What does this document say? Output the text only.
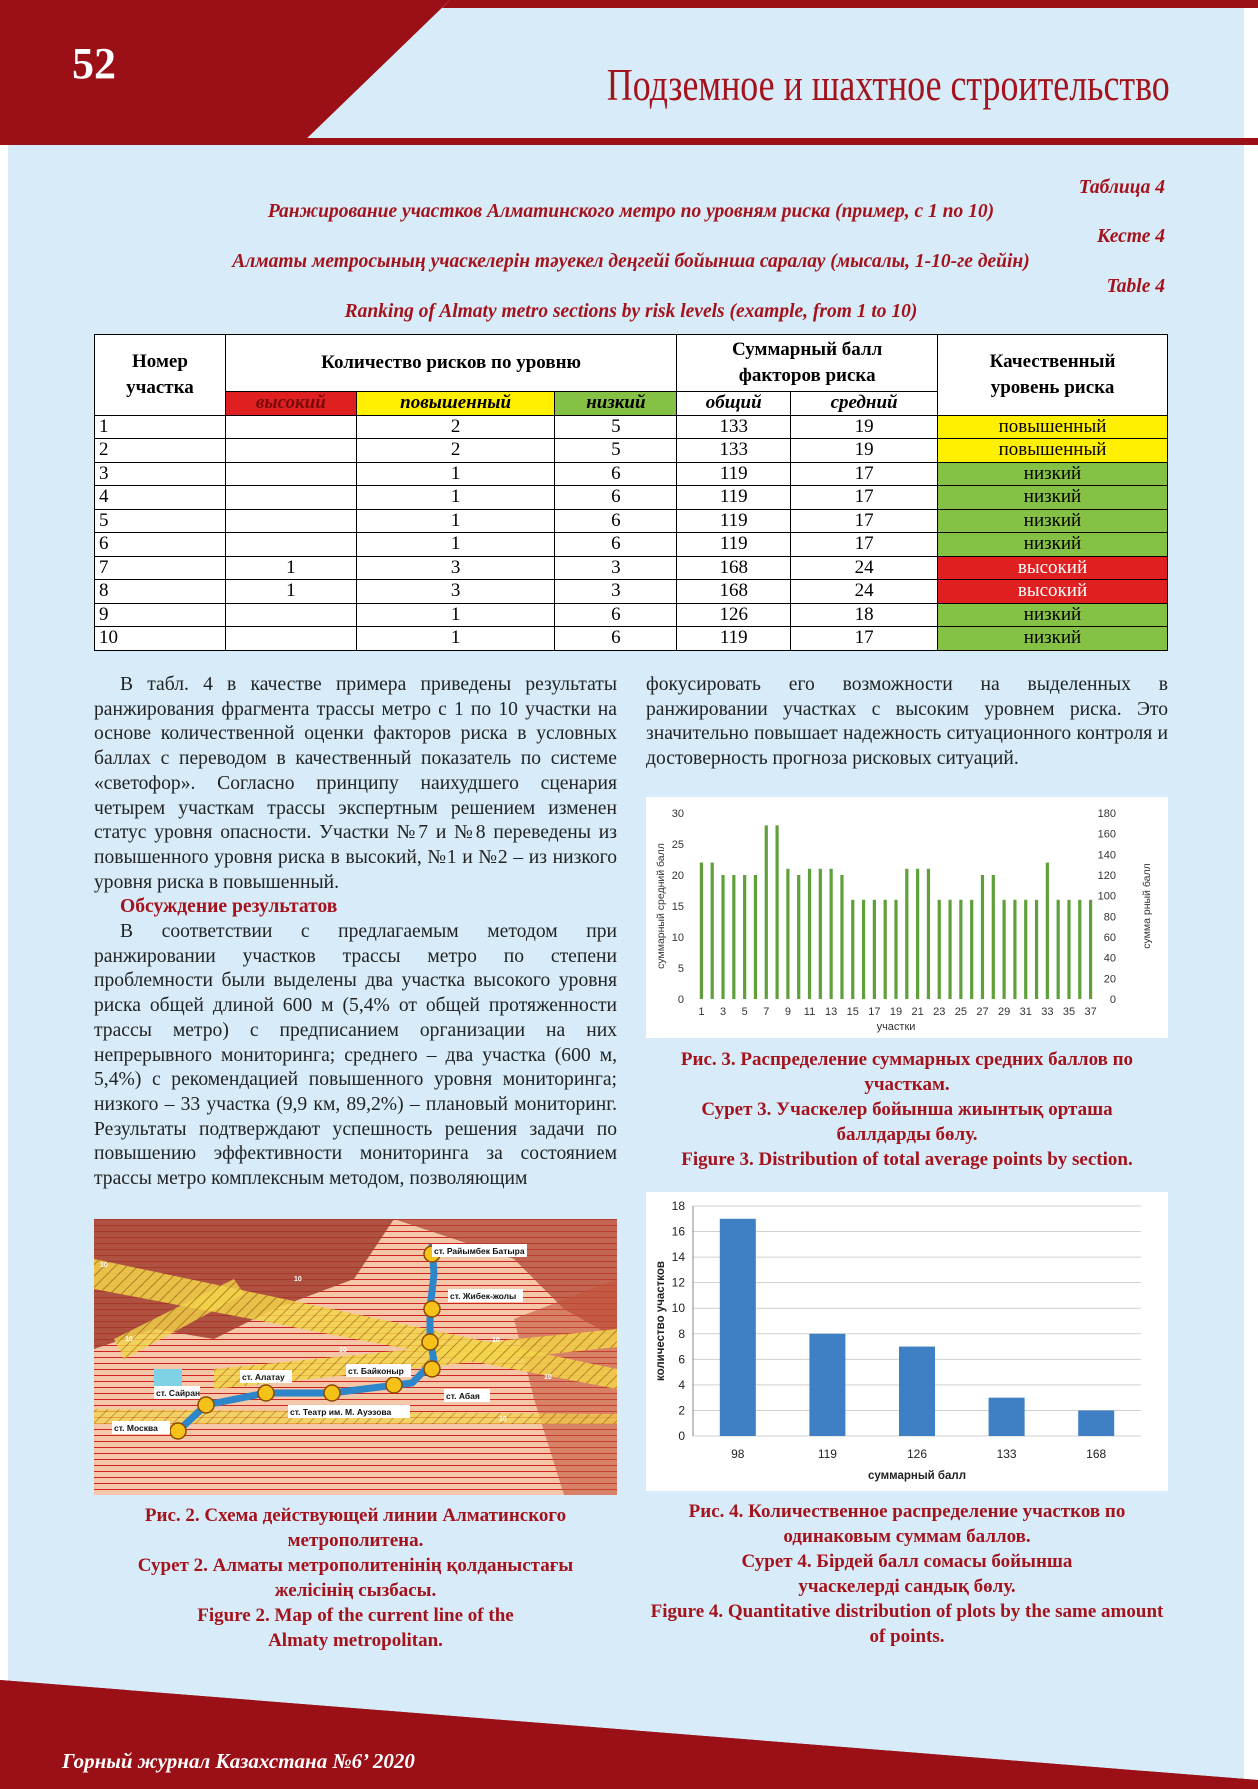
52	Подземное и шахтное строительство
Таблица 4
Ранжирование участков Алматинского метро по уровням риска (пример, с 1 по 10)
Кесте 4
Алматы метросының учаскелерін тәуекел деңгейі бойынша саралау (мысалы, 1-10-ге дейін)
Table 4
Ranking of Almaty metro sections by risk levels (example, from 1 to 10)
Номер участка	Количество рисков по уровню			Суммарный балл факторов риска		Качественный уровень риска
	высокий	повышенный	низкий	общий	средний	
1		2	5	133	19	повышенный
2		2	5	133	19	повышенный
3		1	6	119	17	низкий
4		1	6	119	17	низкий
5		1	6	119	17	низкий
6		1	6	119	17	низкий
7	1	3	3	168	24	высокий
8	1	3	3	168	24	высокий
9		1	6	126	18	низкий
10		1	6	119	17	низкий

В табл. 4 в качестве примера приведены результаты ранжирования фрагмента трассы метро с 1 по 10 участки на основе количественной оценки факторов риска в условных баллах с переводом в качественный показатель по системе «светофор». Согласно принципу наихудшего сценария четырем участкам трассы экспертным решением изменен статус уровня опасности. Участки №7 и №8 переведены из повышенного уровня риска в высокий, №1 и №2 – из низкого уровня риска в повышенный.

Обсуждение результатов

В соответствии с предлагаемым методом при ранжировании участков трассы метро по степени проблемности были выделены два участка высокого уровня риска общей длиной 600 м (5,4% от общей протяженности трассы метро) с предписанием организации на них непрерывного мониторинга; среднего – два участка (600 м, 5,4%) с рекомендацией повышенного уровня мониторинга; низкого – 33 участка (9,9 км, 89,2%) – плановый мониторинг. Результаты подтверждают успешность решения задачи по повышению эффективности мониторинга за состоянием трассы метро комплексным методом, позволяющим

фокусировать его возможности на выделенных в ранжировании участках с высоким уровнем риска. Это значительно повышает надежность ситуационного контроля и достоверность прогноза рисковых ситуаций.

0
5
10
15
20
25
30
0
20
40
60
80
100
120
140
160
180
1 3 5 7 9 11 13 15 17 19 21 23 25 27 29 31 33 35 37
участки
суммарный средний балл	сумма рный балл
Рис. 3. Распределение суммарных средних баллов по участкам.
Сурет 3. Учаскелер бойынша жиынтық орташа баллдарды бөлу.
Figure 3. Distribution of total average points by section.
0
2
4
6
8
10
12
14
16
18
98	119	126	133	168
суммарный балл
количество участков
Рис. 4. Количественное распределение участков по одинаковым суммам баллов.
Сурет 4. Бірдей балл сомасы бойынша учаскелерді сандық бөлу.
Figure 4. Quantitative distribution of plots by the same amount of points.
ст. Райымбек Батыра
ст. Жибек-жолы
ст. Байконыр
ст. Абая
ст. Алатау
ст. Театр им. М. Ауэзова
ст. Сайран
ст. Москва
10
10
10
10
10
10
10
Рис. 2. Схема действующей линии Алматинского метрополитена.
Сурет 2. Алматы метрополитенінің қолданыстағы желісінің сызбасы.
Figure 2. Map of the current line of the Almaty metropolitan.
Горный журнал Казахстана №6’ 2020
